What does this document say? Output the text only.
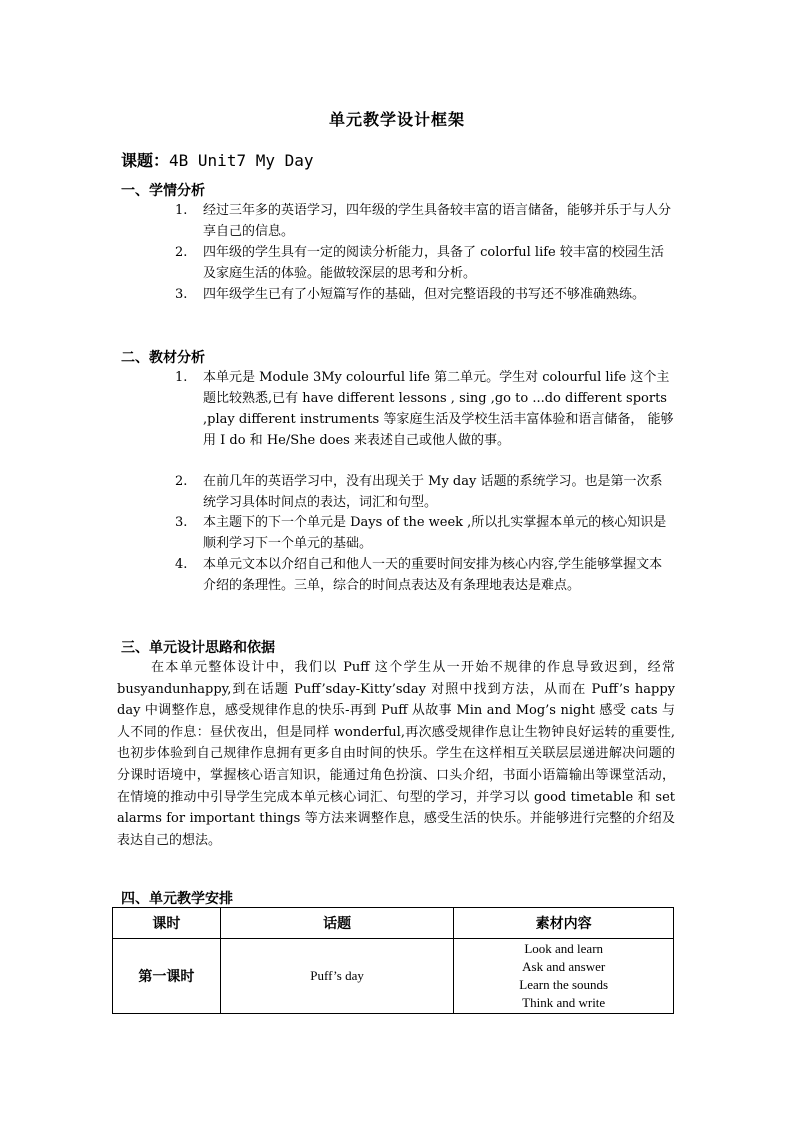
单元教学设计框架
课题：4B Unit7 My Day
一、学情分析
1.	经过三年多的英语学习，四年级的学生具备较丰富的语言储备，能够并乐于与人分享自己的信息。
2.	四年级的学生具有一定的阅读分析能力，具备了 colorful life 较丰富的校园生活及家庭生活的体验。能做较深层的思考和分析。
3.	四年级学生已有了小短篇写作的基础，但对完整语段的书写还不够准确熟练。
二、教材分析
1.	本单元是 Module 3My colourful life 第二单元。学生对 colourful life 这个主题比较熟悉,已有 have different lessons , sing ,go to ...do different sports ,play different instruments 等家庭生活及学校生活丰富体验和语言储备， 能够用 I do 和 He/She does 来表述自己或他人做的事。
2.	在前几年的英语学习中，没有出现关于 My day 话题的系统学习。也是第一次系统学习具体时间点的表达，词汇和句型。
3.	本主题下的下一个单元是 Days of the week ,所以扎实掌握本单元的核心知识是顺利学习下一个单元的基础。
4.	本单元文本以介绍自己和他人一天的重要时间安排为核心内容,学生能够掌握文本介绍的条理性。三单，综合的时间点表达及有条理地表达是难点。
三、单元设计思路和依据
在本单元整体设计中，我们以 Puff 这个学生从一开始不规律的作息导致迟到，经常 busyandunhappy,到在话题 Puff’sday-Kitty’sday 对照中找到方法，从而在 Puff’s happy day 中调整作息，感受规律作息的快乐-再到 Puff 从故事 Min and Mog’s night 感受 cats 与人不同的作息：昼伏夜出，但是同样 wonderful,再次感受规律作息让生物钟良好运转的重要性,也初步体验到自己规律作息拥有更多自由时间的快乐。学生在这样相互关联层层递进解决问题的分课时语境中，掌握核心语言知识，能通过角色扮演、口头介绍，书面小语篇输出等课堂活动，在情境的推动中引导学生完成本单元核心词汇、句型的学习，并学习以 good timetable 和 set alarms for important things 等方法来调整作息，感受生活的快乐。并能够进行完整的介绍及表达自己的想法。
四、单元教学安排
课时	话题	素材内容
第一课时	Puff’s day	Look and learn
Ask and answer
Learn the sounds
Think and write
